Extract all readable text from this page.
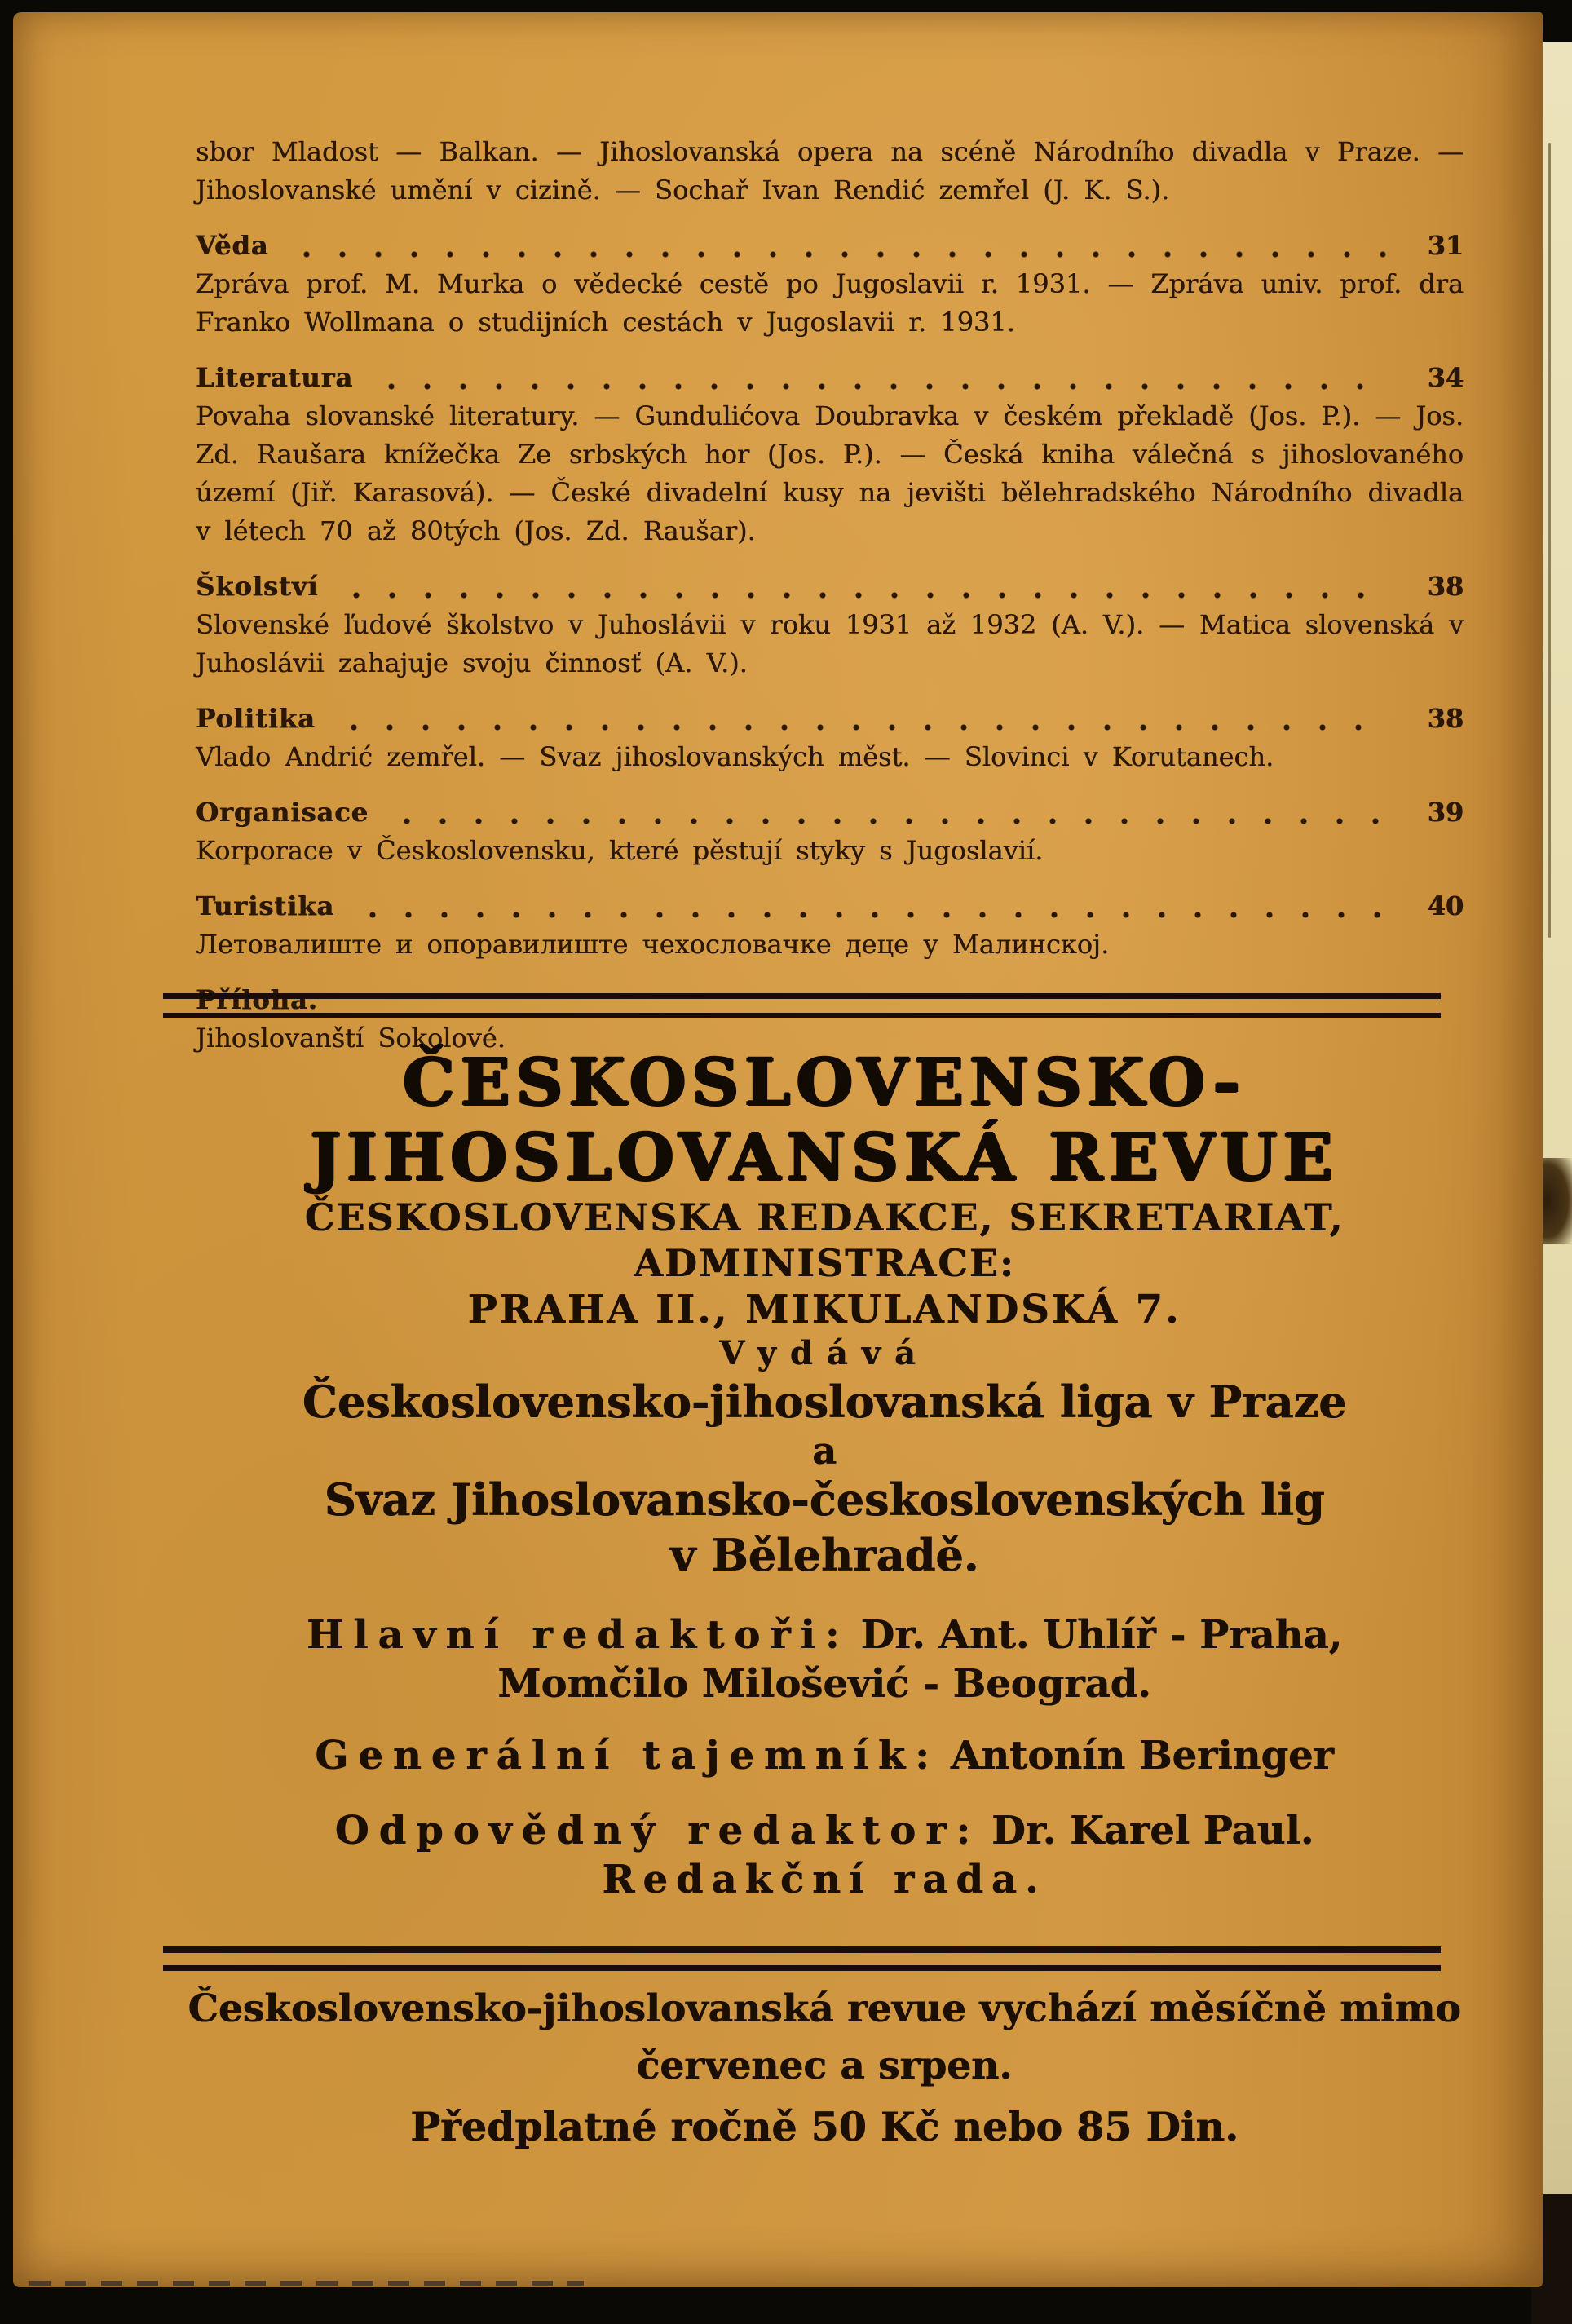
sbor Mladost — Balkan. — Jihoslovanská opera na scéně Národního divadla v Praze. — Jihoslovanské umění v cizině. — Sochař Ivan Rendić zemřel (J. K. S.).

Věda	31

Zpráva prof. M. Murka o vědecké cestě po Jugoslavii r. 1931. — Zpráva univ. prof. dra Franko Wollmana o studijních cestách v Jugoslavii r. 1931.

Literatura	34

Povaha slovanské literatury. — Gundulićova Doubravka v českém překladě (Jos. P.). — Jos. Zd. Raušara knížečka Ze srbských hor (Jos. P.). — Česká kniha válečná s jihoslovaného území (Jiř. Karasová). — České divadelní kusy na jevišti bělehradského Národního divadla v létech 70 až 80tých (Jos. Zd. Raušar).

Školství	38

Slovenské ľudové školstvo v Juhoslávii v roku 1931 až 1932 (A. V.). — Matica slovenská v Juhoslávii zahajuje svoju činnosť (A. V.).

Politika	38

Vlado Andrić zemřel. — Svaz jihoslovanských měst. — Slovinci v Korutanech.

Organisace	39

Korporace v Československu, které pěstují styky s Jugoslavií.

Turistika	40

Летовалиште и опоравилиште чехословачке деце у Малинској.

Příloha.

Jihoslovanští Sokolové.

ČESKOSLOVENSKO-
JIHOSLOVANSKÁ REVUE
ČESKOSLOVENSKA REDAKCE, SEKRETARIAT, ADMINISTRACE:
PRAHA II., MIKULANDSKÁ 7.
Vydává
Československo-jihoslovanská liga v Praze
a
Svaz Jihoslovansko-československých lig
v Bělehradě.
Hlavní redaktoři: Dr. Ant. Uhlíř - Praha,
Momčilo Milošević - Beograd.
Generální tajemník: Antonín Beringer
Odpovědný redaktor: Dr. Karel Paul.
Redakční rada.
Československo-jihoslovanská revue vychází měsíčně mimo
červenec a srpen.
Předplatné ročně 50 Kč nebo 85 Din.
